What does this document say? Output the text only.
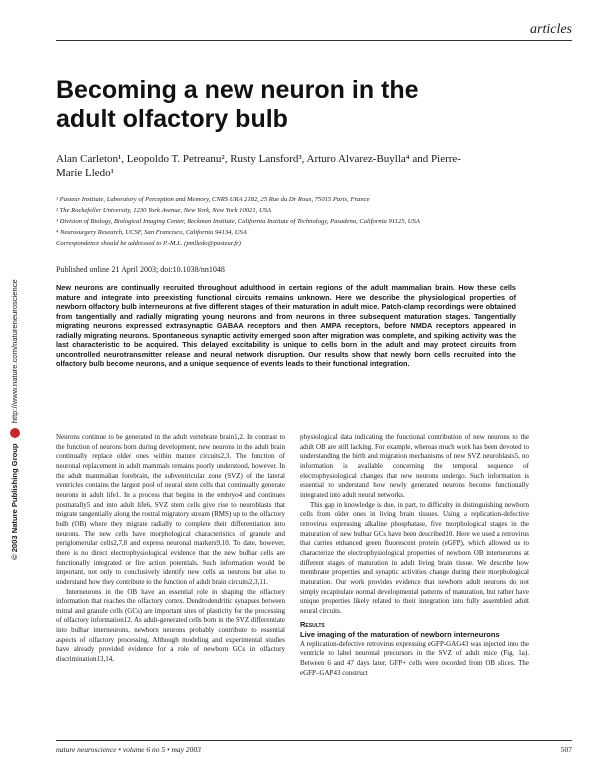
articles
Becoming a new neuron in the adult olfactory bulb
Alan Carleton¹, Leopoldo T. Petreanu², Rusty Lansford³, Arturo Alvarez-Buylla⁴ and Pierre-Marie Lledo¹
¹ Pasteur Institute, Laboratory of Perception and Memory, CNRS URA 2182, 25 Rue du Dr Roux, 75015 Paris, France
² The Rockefeller University, 1230 York Avenue, New York, New York 10021, USA
³ Division of Biology, Biological Imaging Center, Beckman Institute, California Institute of Technology, Pasadena, California 91125, USA
⁴ Neurosurgery Research, UCSF, San Francisco, California 94134, USA
Correspondence should be addressed to P.-M.L. (pmlledo@pasteur.fr)
Published online 21 April 2003; doi:10.1038/nn1048
New neurons are continually recruited throughout adulthood in certain regions of the adult mammalian brain. How these cells mature and integrate into preexisting functional circuits remains unknown. Here we describe the physiological properties of newborn olfactory bulb interneurons at five different stages of their maturation in adult mice. Patch-clamp recordings were obtained from tangentially and radially migrating young neurons and from neurons in three subsequent maturation stages. Tangentially migrating neurons expressed extrasynaptic GABAA receptors and then AMPA receptors, before NMDA receptors appeared in radially migrating neurons. Spontaneous synaptic activity emerged soon after migration was complete, and spiking activity was the last characteristic to be acquired. This delayed excitability is unique to cells born in the adult and may protect circuits from uncontrolled neurotransmitter release and neural network disruption. Our results show that newly born cells recruited into the olfactory bulb become neurons, and a unique sequence of events leads to their functional integration.

Neurons continue to be generated in the adult vertebrate brain1,2. In contrast to the function of neurons born during development, new neurons in the adult brain continually replace older ones within mature circuits2,3. The function of neuronal replacement in adult mammals remains poorly understood, however. In the adult mammalian forebrain, the subventricular zone (SVZ) of the lateral ventricles contains the largest pool of neural stem cells that continually generate neurons in adult life1. In a process that begins in the embryo4 and continues postnatally5 and into adult life6, SVZ stem cells give rise to neuroblasts that migrate tangentially along the rostral migratory stream (RMS) up to the olfactory bulb (OB) where they migrate radially to complete their differentiation into neurons. The new cells have morphological characteristics of granule and periglomerular cells2,7,8 and express neuronal markers9,10. To date, however, there is no direct electrophysiological evidence that the new bulbar cells are functionally integrated or fire action potentials. Such information would be important, not only to conclusively identify new cells as neurons but also to understand how they contribute to the function of adult brain circuits2,3,11.

Interneurons in the OB have an essential role in shaping the olfactory information that reaches the olfactory cortex. Dendrodendritic synapses between mitral and granule cells (GCs) are important sites of plasticity for the processing of olfactory information12. As adult-generated cells born in the SVZ differentiate into bulbar interneurons, newborn neurons probably contribute to essential aspects of olfactory processing. Although modeling and experimental studies have already provided evidence for a role of newborn GCs in olfactory discrimination13,14,

physiological data indicating the functional contribution of new neurons to the adult OB are still lacking. For example, whereas much work has been devoted to understanding the birth and migration mechanisms of new SVZ neuroblasts5, no information is available concerning the temporal sequence of electrophysiological changes that new neurons undergo. Such information is essential to understand how newly generated neurons become functionally integrated into adult neural networks.

This gap in knowledge is due, in part, to difficulty in distinguishing newborn cells from older ones in living brain tissues. Using a replication-defective retrovirus expressing alkaline phosphatase, five morphological stages in the maturation of new bulbar GCs have been described10. Here we used a retrovirus that carries enhanced green fluorescent protein (eGFP), which allowed us to characterize the electrophysiological properties of newborn OB interneurons at different stages of maturation in adult living brain tissue. We describe how membrane properties and synaptic activities change during their morphological maturation. Our work provides evidence that newborn adult neurons do not simply recapitulate normal developmental patterns of maturation, but rather have unique properties likely related to their integration into fully assembled adult neural circuits.

Results
Live imaging of the maturation of newborn interneurons

A replication-defective retrovirus expressing eGFP-GAG43 was injected into the ventricle to label neuronal precursors in the SVZ of adult mice (Fig. 1a). Between 6 and 47 days later, GFP+ cells were recorded from OB slices. The eGFP–GAP43 construct

© 2003 Nature Publishing Group  http://www.nature.com/natureneuroscience
nature neuroscience • volume 6 no 5 • may 2003	507
